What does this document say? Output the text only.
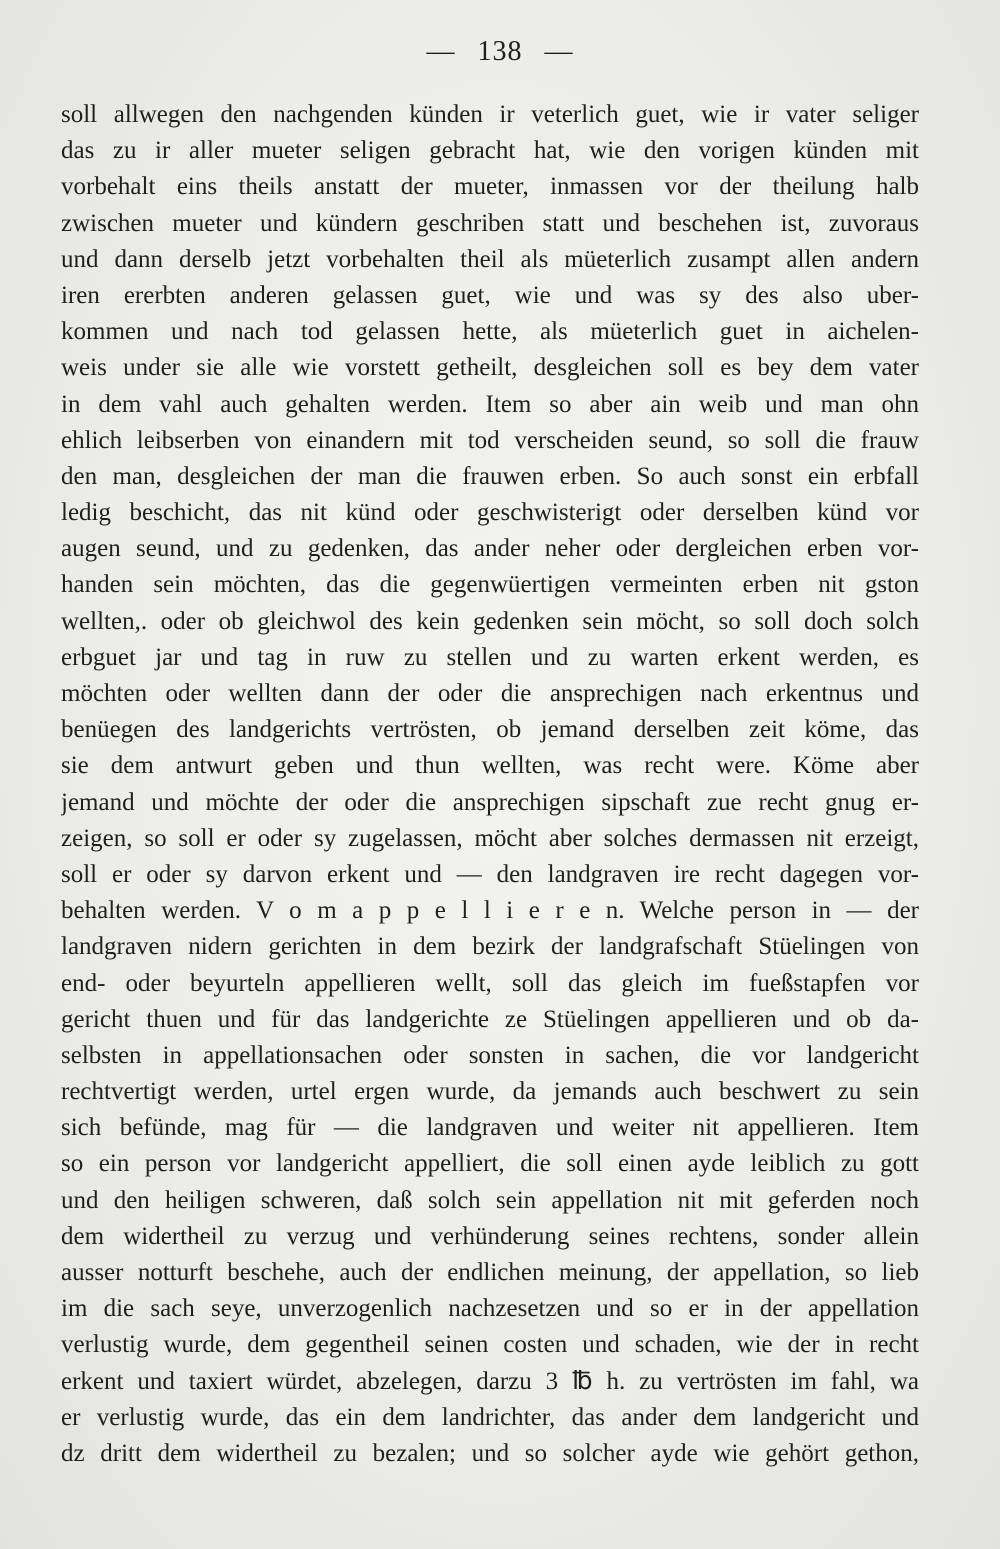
— 138 —
soll allwegen den nachgenden künden ir veterlich guet, wie ir vater seliger
das zu ir aller mueter seligen gebracht hat, wie den vorigen künden mit
vorbehalt eins theils anstatt der mueter, inmassen vor der theilung halb
zwischen mueter und kündern geschriben statt und beschehen ist, zuvoraus
und dann derselb jetzt vorbehalten theil als müeterlich zusampt allen andern
iren ererbten anderen gelassen guet, wie und was sy des also uber-
kommen und nach tod gelassen hette, als müeterlich guet in aichelen-
weis under sie alle wie vorstett getheilt, desgleichen soll es bey dem vater
in dem vahl auch gehalten werden. Item so aber ain weib und man ohn
ehlich leibserben von einandern mit tod verscheiden seund, so soll die frauw
den man, desgleichen der man die frauwen erben. So auch sonst ein erbfall
ledig beschicht, das nit künd oder geschwisterigt oder derselben künd vor
augen seund, und zu gedenken, das ander neher oder dergleichen erben vor-
handen sein möchten, das die gegenwüertigen vermeinten erben nit gston
wellten,. oder ob gleichwol des kein gedenken sein möcht, so soll doch solch
erbguet jar und tag in ruw zu stellen und zu warten erkent werden, es
möchten oder wellten dann der oder die ansprechigen nach erkentnus und
benüegen des landgerichts vertrösten, ob jemand derselben zeit köme, das
sie dem antwurt geben und thun wellten, was recht were. Köme aber
jemand und möchte der oder die ansprechigen sipschaft zue recht gnug er-
zeigen, so soll er oder sy zugelassen, möcht aber solches dermassen nit erzeigt,
soll er oder sy darvon erkent und — den landgraven ire recht dagegen vor-
behalten werden. V o m a p p e l l i e r e n. Welche person in — der
landgraven nidern gerichten in dem bezirk der landgrafschaft Stüelingen von
end- oder beyurteln appellieren wellt, soll das gleich im fueßstapfen vor
gericht thuen und für das landgerichte ze Stüelingen appellieren und ob da-
selbsten in appellationsachen oder sonsten in sachen, die vor landgericht
rechtvertigt werden, urtel ergen wurde, da jemands auch beschwert zu sein
sich befünde, mag für — die landgraven und weiter nit appellieren. Item
so ein person vor landgericht appelliert, die soll einen ayde leiblich zu gott
und den heiligen schweren, daß solch sein appellation nit mit geferden noch
dem widertheil zu verzug und verhünderung seines rechtens, sonder allein
ausser notturft beschehe, auch der endlichen meinung, der appellation, so lieb
im die sach seye, unverzogenlich nachzesetzen und so er in der appellation
verlustig wurde, dem gegentheil seinen costen und schaden, wie der in recht
erkent und taxiert würdet, abzelegen, darzu 3 ℔ h. zu vertrösten im fahl, wa
er verlustig wurde, das ein dem landrichter, das ander dem landgericht und
dz dritt dem widertheil zu bezalen; und so solcher ayde wie gehört gethon,
